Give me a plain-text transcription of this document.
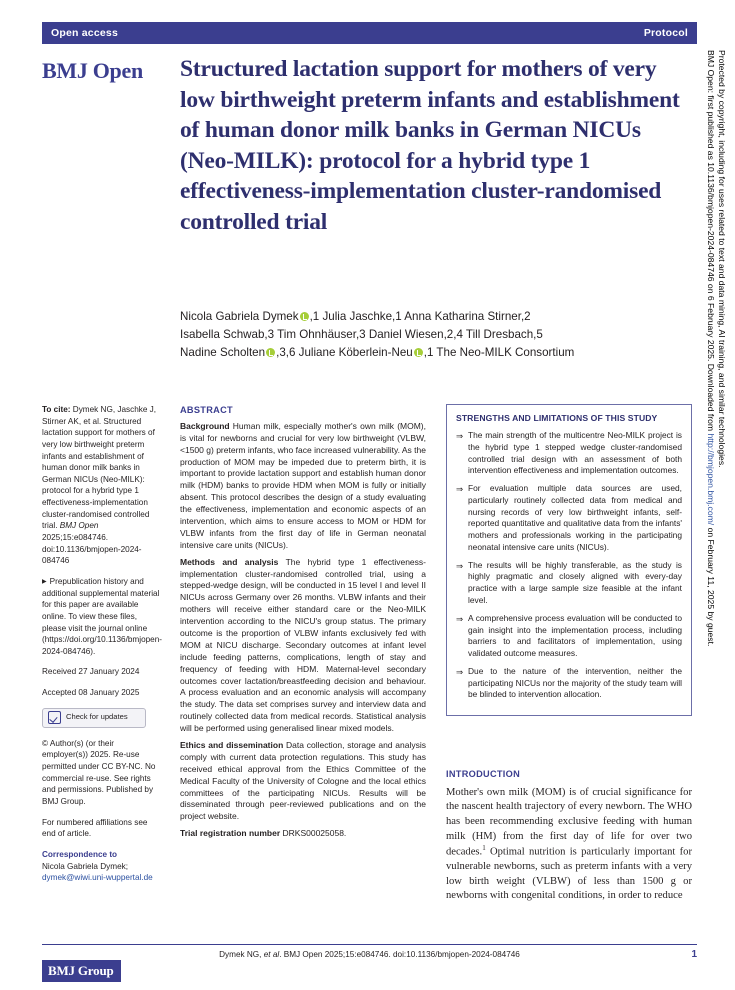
Open access	Protocol
BMJ Open Structured lactation support for mothers of very low birthweight preterm infants and establishment of human donor milk banks in German NICUs (Neo-MILK): protocol for a hybrid type 1 effectiveness-implementation cluster-randomised controlled trial
Nicola Gabriela Dymek ,1 Julia Jaschke,1 Anna Katharina Stirner,2
Isabella Schwab,3 Tim Ohnhäuser,3 Daniel Wiesen,2,4 Till Dresbach,5
Nadine Scholten ,3,6 Juliane Köberlein-Neu ,1 The Neo-MILK Consortium	BMJ Open: first published as 10.1136/bmjopen-2024-084746 on 6 February 2025. Downloaded from http://bmjopen.bmj.com/ on February 11, 2025 by guest.
Protected by copyright, including for uses related to text and data mining, AI training, and similar technologies.

To cite: Dymek NG, Jaschke J, Stirner AK, et al. Structured lactation support for mothers of very low birthweight preterm infants and establishment of human donor milk banks in German NICUs (Neo-MILK): protocol for a hybrid type 1 effectiveness-implementation cluster-randomised controlled trial. BMJ Open 2025;15:e084746. doi:10.1136/bmjopen-2024-084746

▶ Prepublication history and additional supplemental material for this paper are available online. To view these files, please visit the journal online (https://doi.org/10.1136/bmjopen-2024-084746).

Received 27 January 2024

Accepted 08 January 2025

Check for updates

© Author(s) (or their employer(s)) 2025. Re-use permitted under CC BY-NC. No commercial re-use. See rights and permissions. Published by BMJ Group.

For numbered affiliations see end of article.

Correspondence to
Nicola Gabriela Dymek;
dymek@wiwi.uni-wuppertal.de

ABSTRACT

Background Human milk, especially mother's own milk (MOM), is vital for newborns and crucial for very low birthweight (VLBW, <1500 g) preterm infants, who face increased vulnerability. As the production of MOM may be impeded due to preterm birth, it is important to provide lactation support and establish human donor milk (HDM) banks to provide HDM when MOM is fully or initially absent. This protocol describes the design of a study evaluating the effectiveness, implementation and economic aspects of an intervention, which aims to ensure access to MOM or HDM for VLBW infants from the first day of life in German neonatal intensive care units (NICUs).

Methods and analysis The hybrid type 1 effectiveness-implementation cluster-randomised controlled trial, using a stepped-wedge design, will be conducted in 15 level I and level II NICUs across Germany over 26 months. VLBW infants and their mothers will receive either standard care or the Neo-MILK intervention according to the NICU's group status. The primary outcome is the proportion of VLBW infants exclusively fed with MOM at NICU discharge. Secondary outcomes at infant level include feeding patterns, complications, length of stay and frequency of feeding with HDM. Maternal-level secondary outcomes cover lactation/breastfeeding decision and behaviour. A process evaluation and an economic analysis will accompany the study. The data set comprises survey and interview data and routinely collected data from medical records. Statistical analysis will be performed using generalised linear mixed models.

Ethics and dissemination Data collection, storage and analysis comply with current data protection regulations. This study has received ethical approval from the Ethics Committee of the Medical Faculty of the University of Cologne and the local ethics committees of the participating NICUs. Results will be disseminated through peer-reviewed publications and on the project website.

Trial registration number DRKS00025058.

STRENGTHS AND LIMITATIONS OF THIS STUDY
⇒ The main strength of the multicentre Neo-MILK project is the hybrid type 1 stepped wedge cluster-randomised controlled trial design with an assessment of both intervention effectiveness and implementation outcomes.
⇒ For evaluation multiple data sources are used, particularly routinely collected data from medical and nursing records of very low birthweight infants, self-reported quantitative and qualitative data from the infants' mothers and professionals working in the participating neonatal intensive care units (NICUs).
⇒ The results will be highly transferable, as the study is highly pragmatic and closely aligned with every-day practice with a large sample size feasible at the infant level.
⇒ A comprehensive process evaluation will be conducted to gain insight into the implementation process, including barriers to and facilitators of implementation, using validated outcome measures.
⇒ Due to the nature of the intervention, neither the participating NICUs nor the majority of the study team will be blinded to intervention allocation.
INTRODUCTION

Mother's own milk (MOM) is of crucial significance for the nascent health trajectory of every newborn. The WHO has been recommending exclusive feeding with human milk (HM) from the first day of life for over two decades.$^1$ Optimal nutrition is particularly important for vulnerable newborns, such as preterm infants with a very low birth weight (VLBW) of less than 1500 g or newborns with congenital conditions, in order to reduce

Dymek NG, et al. BMJ Open 2025;15:e084746. doi:10.1136/bmjopen-2024-084746	1
BMJ Group
